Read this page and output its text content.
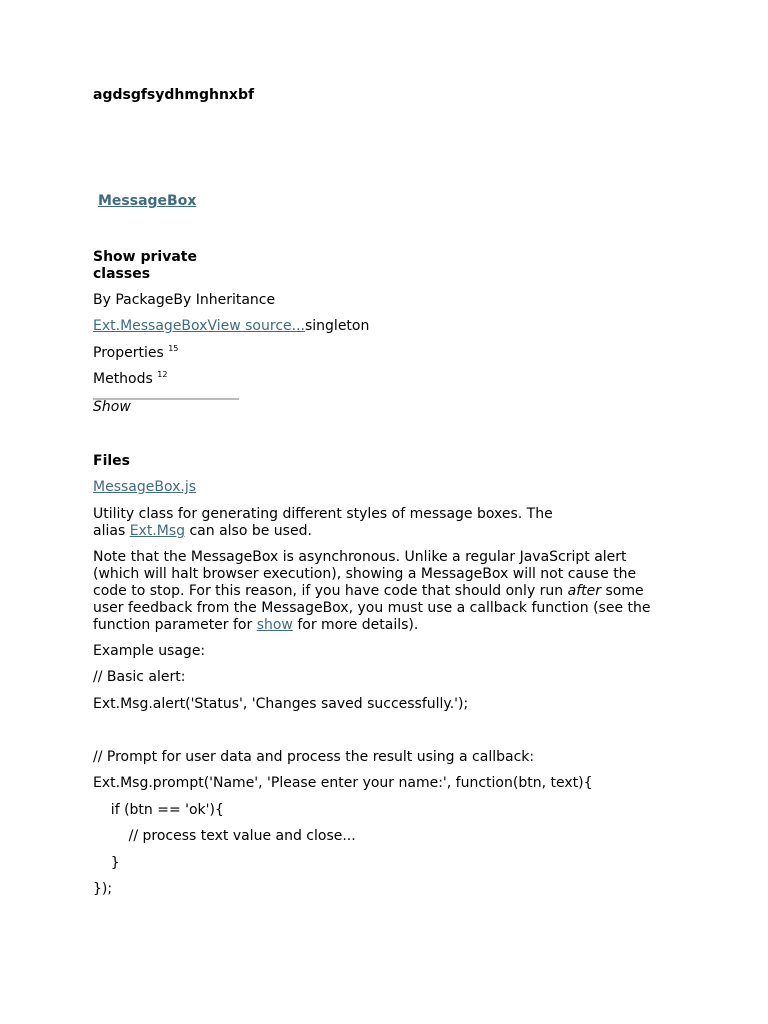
agdsgfsydhmghnxbf
MessageBox
Show private classes
By PackageBy Inheritance
Ext.MessageBoxView source...singleton
Properties $^{15}$
Methods $^{12}$
Show
Files
MessageBox.js
Utility class for generating different styles of message boxes. The alias Ext.Msg can also be used.
Note that the MessageBox is asynchronous. Unlike a regular JavaScript alert (which will halt browser execution), showing a MessageBox will not cause the code to stop. For this reason, if you have code that should only run after some user feedback from the MessageBox, you must use a callback function (see the function parameter for show for more details).
Example usage:
// Basic alert:
Ext.Msg.alert('Status', 'Changes saved successfully.');
// Prompt for user data and process the result using a callback:
Ext.Msg.prompt('Name', 'Please enter your name:', function(btn, text){
if (btn == 'ok'){
// process text value and close...
}
});
